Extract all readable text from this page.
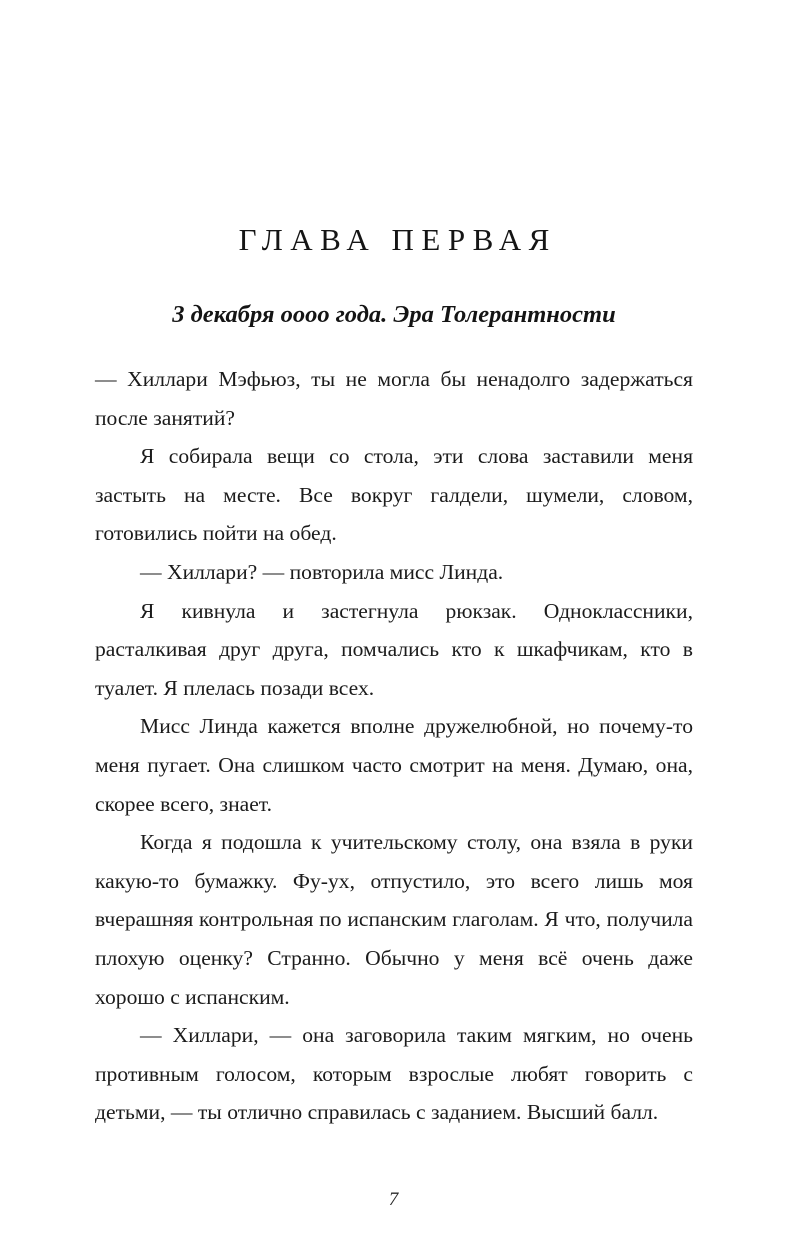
ГЛАВА ПЕРВАЯ
3 декабря оооо года. Эра Толерантности

— Хиллари Мэфьюз, ты не могла бы ненадолго задержаться после занятий?

Я собирала вещи со стола, эти слова заставили меня застыть на месте. Все вокруг галдели, шумели, словом, готовились пойти на обед.

— Хиллари? — повторила мисс Линда.

Я кивнула и застегнула рюкзак. Одноклассники, расталкивая друг друга, помчались кто к шкафчикам, кто в туалет. Я плелась позади всех.

Мисс Линда кажется вполне дружелюбной, но почему-то меня пугает. Она слишком часто смотрит на меня. Думаю, она, скорее всего, знает.

Когда я подошла к учительскому столу, она взяла в руки какую-то бумажку. Фу-ух, отпустило, это всего лишь моя вчерашняя контрольная по испанским глаголам. Я что, получила плохую оценку? Странно. Обычно у меня всё очень даже хорошо с испанским.

— Хиллари, — она заговорила таким мягким, но очень противным голосом, которым взрослые любят говорить с детьми, — ты отлично справилась с заданием. Высший балл.

7
